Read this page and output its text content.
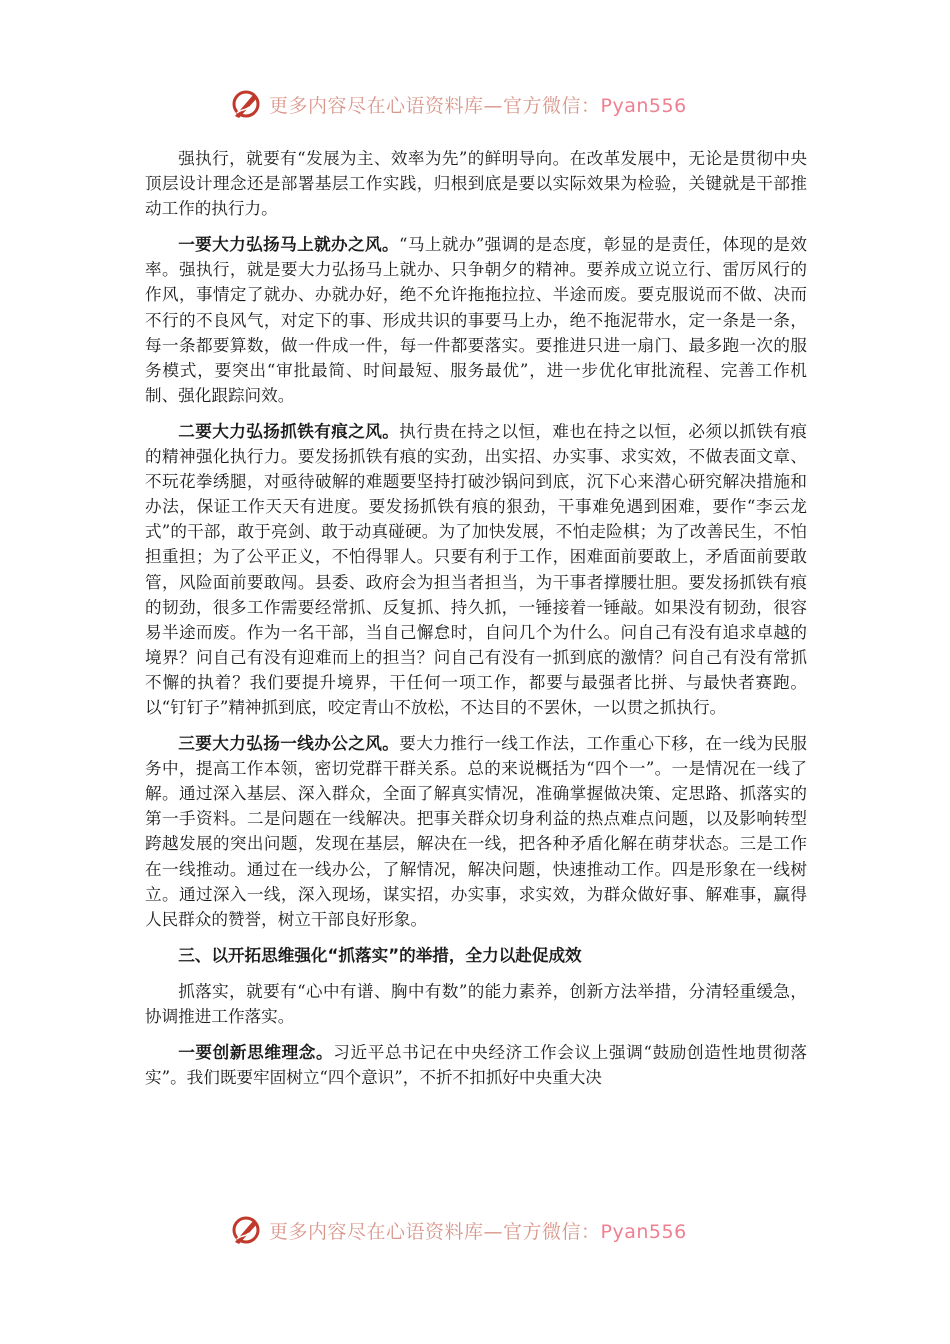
更多内容尽在心语资料库—官方微信：Pyan556

强执行，就要有“发展为主、效率为先”的鲜明导向。在改革发展中，无论是贯彻中央顶层设计理念还是部署基层工作实践，归根到底是要以实际效果为检验，关键就是干部推动工作的执行力。

一要大力弘扬马上就办之风。“马上就办”强调的是态度，彰显的是责任，体现的是效率。强执行，就是要大力弘扬马上就办、只争朝夕的精神。要养成立说立行、雷厉风行的作风，事情定了就办、办就办好，绝不允许拖拖拉拉、半途而废。要克服说而不做、决而不行的不良风气，对定下的事、形成共识的事要马上办，绝不拖泥带水，定一条是一条，每一条都要算数，做一件成一件，每一件都要落实。要推进只进一扇门、最多跑一次的服务模式，要突出“审批最简、时间最短、服务最优”，进一步优化审批流程、完善工作机制、强化跟踪问效。

二要大力弘扬抓铁有痕之风。执行贵在持之以恒，难也在持之以恒，必须以抓铁有痕的精神强化执行力。要发扬抓铁有痕的实劲，出实招、办实事、求实效，不做表面文章、不玩花拳绣腿，对亟待破解的难题要坚持打破沙锅问到底，沉下心来潜心研究解决措施和办法，保证工作天天有进度。要发扬抓铁有痕的狠劲，干事难免遇到困难，要作“李云龙式”的干部，敢于亮剑、敢于动真碰硬。为了加快发展，不怕走险棋；为了改善民生，不怕担重担；为了公平正义，不怕得罪人。只要有利于工作，困难面前要敢上，矛盾面前要敢管，风险面前要敢闯。县委、政府会为担当者担当，为干事者撑腰壮胆。要发扬抓铁有痕的韧劲，很多工作需要经常抓、反复抓、持久抓，一锤接着一锤敲。如果没有韧劲，很容易半途而废。作为一名干部，当自己懈怠时，自问几个为什么。问自己有没有追求卓越的境界？问自己有没有迎难而上的担当？问自己有没有一抓到底的激情？问自己有没有常抓不懈的执着？我们要提升境界，干任何一项工作，都要与最强者比拼、与最快者赛跑。以“钉钉子”精神抓到底，咬定青山不放松，不达目的不罢休，一以贯之抓执行。

三要大力弘扬一线办公之风。要大力推行一线工作法，工作重心下移，在一线为民服务中，提高工作本领，密切党群干群关系。总的来说概括为“四个一”。一是情况在一线了解。通过深入基层、深入群众，全面了解真实情况，准确掌握做决策、定思路、抓落实的第一手资料。二是问题在一线解决。把事关群众切身利益的热点难点问题，以及影响转型跨越发展的突出问题，发现在基层，解决在一线，把各种矛盾化解在萌芽状态。三是工作在一线推动。通过在一线办公，了解情况，解决问题，快速推动工作。四是形象在一线树立。通过深入一线，深入现场，谋实招，办实事，求实效，为群众做好事、解难事，赢得人民群众的赞誉，树立干部良好形象。

三、以开拓思维强化“抓落实”的举措，全力以赴促成效

抓落实，就要有“心中有谱、胸中有数”的能力素养，创新方法举措，分清轻重缓急，协调推进工作落实。

一要创新思维理念。习近平总书记在中央经济工作会议上强调“鼓励创造性地贯彻落实”。我们既要牢固树立“四个意识”，不折不扣抓好中央重大决

更多内容尽在心语资料库—官方微信：Pyan556
